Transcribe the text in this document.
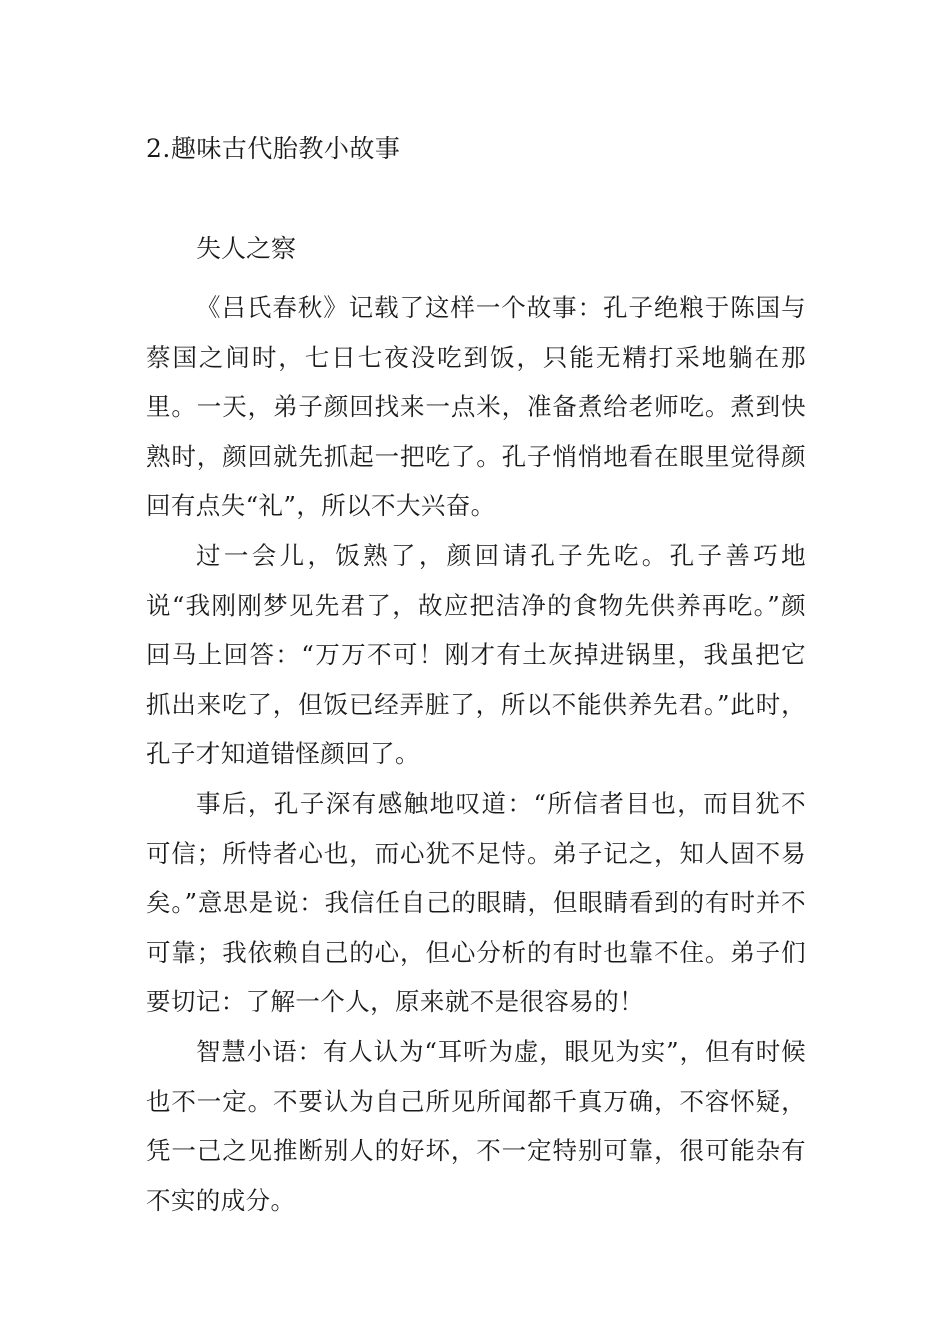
2.趣味古代胎教小故事
失人之察

《吕氏春秋》记载了这样一个故事：孔子绝粮于陈国与蔡国之间时，七日七夜没吃到饭，只能无精打采地躺在那里。一天，弟子颜回找来一点米，准备煮给老师吃。煮到快熟时，颜回就先抓起一把吃了。孔子悄悄地看在眼里觉得颜回有点失“礼”，所以不大兴奋。

过一会儿，饭熟了，颜回请孔子先吃。孔子善巧地说“我刚刚梦见先君了，故应把洁净的食物先供养再吃。”颜回马上回答：“万万不可！刚才有土灰掉进锅里，我虽把它抓出来吃了，但饭已经弄脏了，所以不能供养先君。”此时，孔子才知道错怪颜回了。

事后，孔子深有感触地叹道：“所信者目也，而目犹不可信；所恃者心也，而心犹不足恃。弟子记之，知人固不易矣。”意思是说：我信任自己的眼睛，但眼睛看到的有时并不可靠；我依赖自己的心，但心分析的有时也靠不住。弟子们要切记：了解一个人，原来就不是很容易的！

智慧小语：有人认为“耳听为虚，眼见为实”，但有时候也不一定。不要认为自己所见所闻都千真万确，不容怀疑，凭一己之见推断别人的好坏，不一定特别可靠，很可能杂有不实的成分。
